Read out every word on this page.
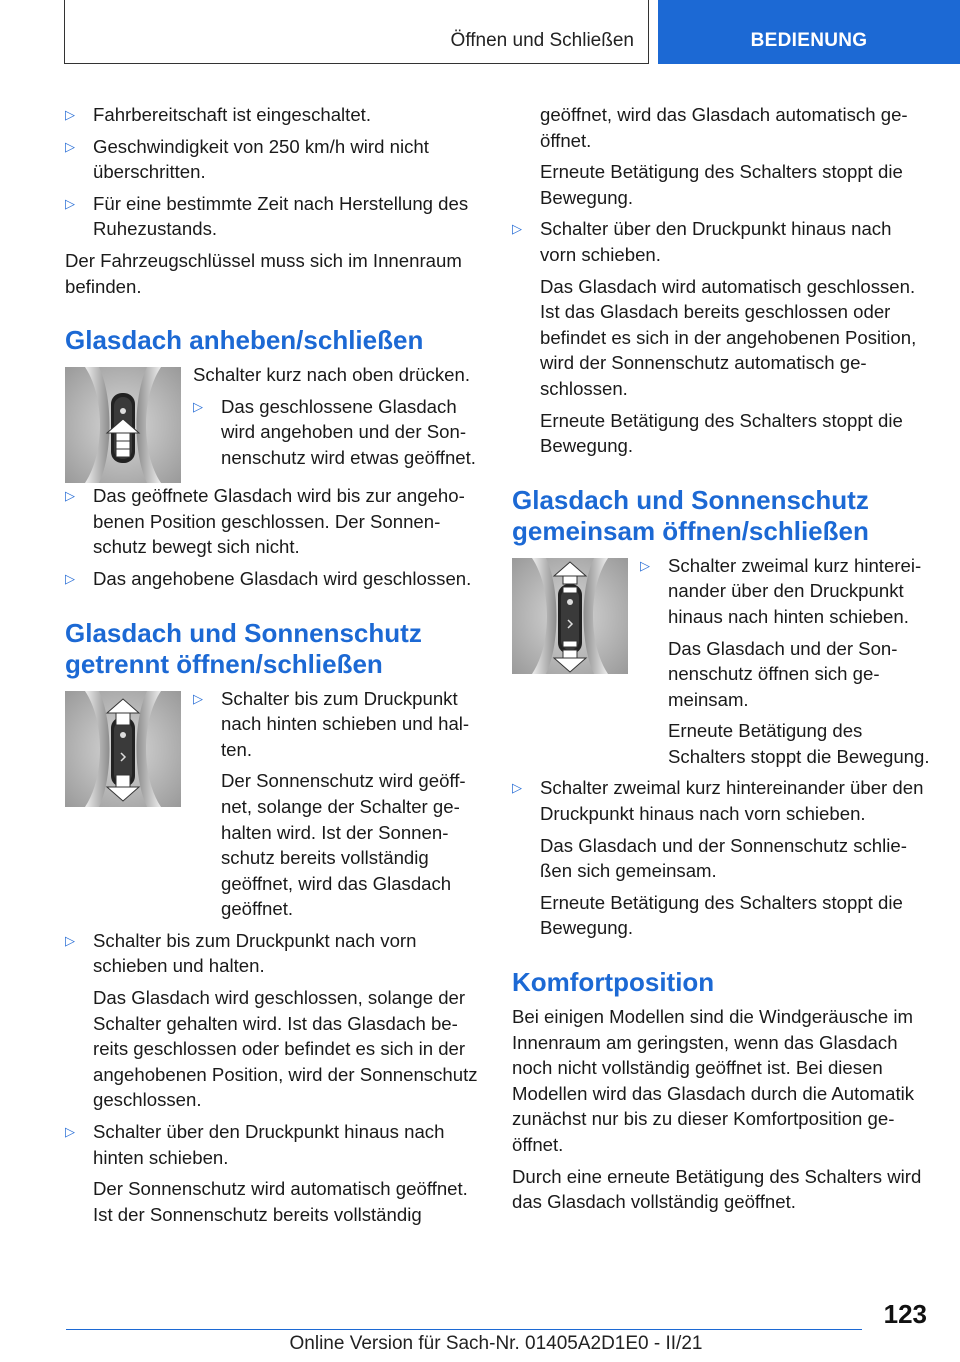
Öffnen und Schließen	BEDIENUNG
▷ Fahrbereitschaft ist eingeschaltet.
▷ Geschwindigkeit von 250 km/h wird nicht überschritten.
▷ Für eine bestimmte Zeit nach Herstellung des Ruhezustands.

Der Fahrzeugschlüssel muss sich im Innenraum befinden.

Glasdach anheben/schließen

Schalter kurz nach oben drücken.

▷ Das geschlossene Glasdach wird angehoben und der Sonnenschutz wird etwas geöffnet.
▷ Das geöffnete Glasdach wird bis zur angehobenen Position geschlossen. Der Sonnenschutz bewegt sich nicht.
▷ Das angehobene Glasdach wird geschlossen.
Glasdach und Sonnenschutz getrennt öffnen/schließen
▷ Schalter bis zum Druckpunkt nach hinten schieben und halten.

Der Sonnenschutz wird geöffnet, solange der Schalter gehalten wird. Ist der Sonnenschutz bereits vollständig geöffnet, wird das Glasdach geöffnet.

▷ Schalter bis zum Druckpunkt nach vorn schieben und halten.

Das Glasdach wird geschlossen, solange der Schalter gehalten wird. Ist das Glasdach bereits geschlossen oder befindet es sich in der angehobenen Position, wird der Sonnenschutz geschlossen.

▷ Schalter über den Druckpunkt hinaus nach hinten schieben.

Der Sonnenschutz wird automatisch geöffnet. Ist der Sonnenschutz bereits vollständig

geöffnet, wird das Glasdach automatisch geöffnet.

Erneute Betätigung des Schalters stoppt die Bewegung.

▷ Schalter über den Druckpunkt hinaus nach vorn schieben.

Das Glasdach wird automatisch geschlossen. Ist das Glasdach bereits geschlossen oder befindet es sich in der angehobenen Position, wird der Sonnenschutz automatisch geschlossen.

Erneute Betätigung des Schalters stoppt die Bewegung.

Glasdach und Sonnenschutz gemeinsam öffnen/schließen
▷ Schalter zweimal kurz hintereinander über den Druckpunkt hinaus nach hinten schieben.

Das Glasdach und der Sonnenschutz öffnen sich gemeinsam.

Erneute Betätigung des Schalters stoppt die Bewegung.

▷ Schalter zweimal kurz hintereinander über den Druckpunkt hinaus nach vorn schieben.

Das Glasdach und der Sonnenschutz schließen sich gemeinsam.

Erneute Betätigung des Schalters stoppt die Bewegung.

Komfortposition

Bei einigen Modellen sind die Windgeräusche im Innenraum am geringsten, wenn das Glasdach noch nicht vollständig geöffnet ist. Bei diesen Modellen wird das Glasdach durch die Automatik zunächst nur bis zu dieser Komfortposition geöffnet.

Durch eine erneute Betätigung des Schalters wird das Glasdach vollständig geöffnet.

123
Online Version für Sach-Nr. 01405A2D1E0 - II/21
